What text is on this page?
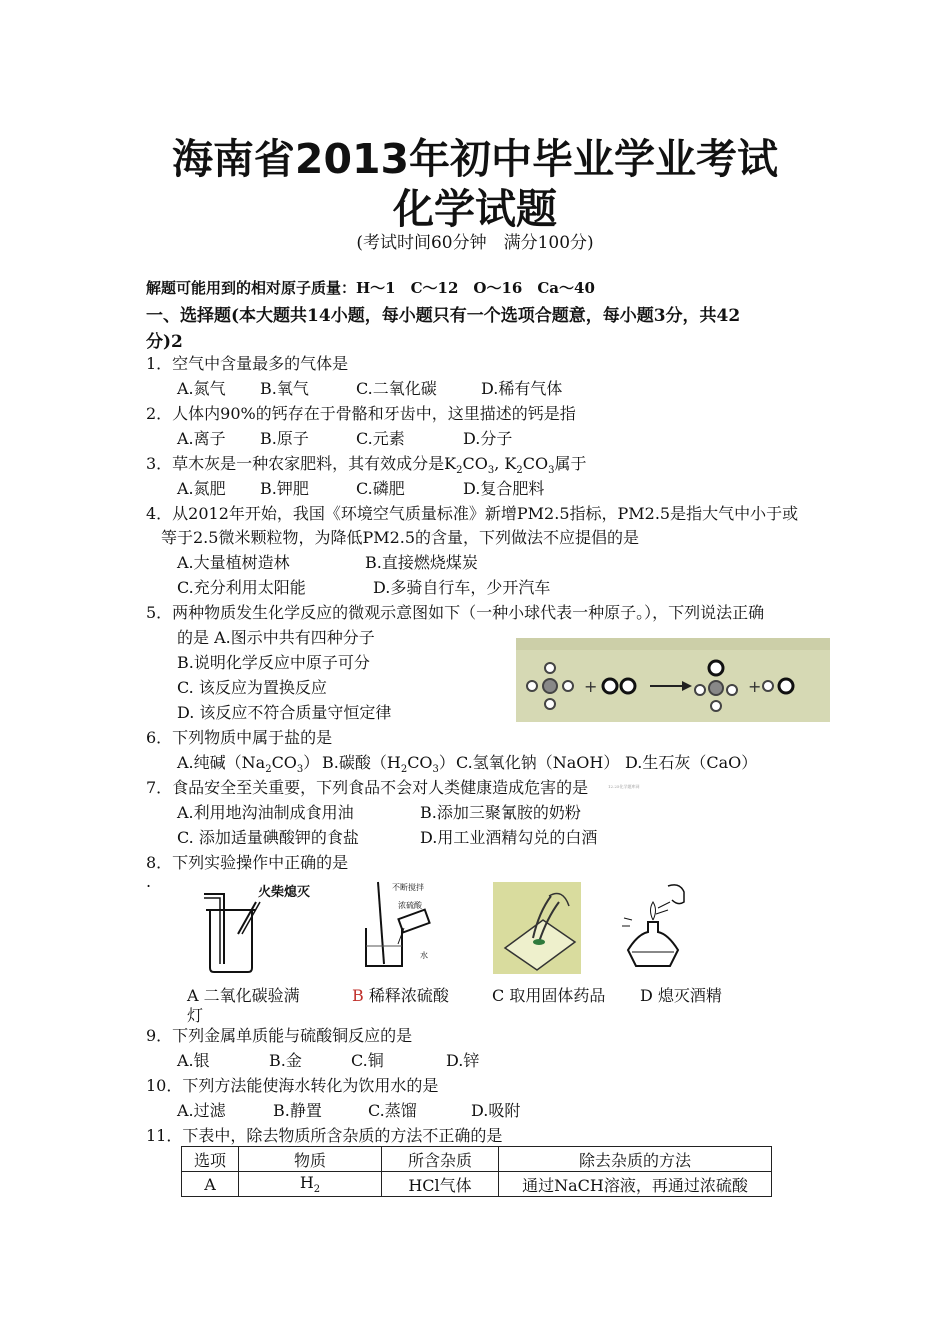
海南省2013年初中毕业学业考试
化学试题
(考试时间60分钟　满分100分)
解题可能用到的相对原子质量：H～1　C～12　O～16　Ca～40
一、选择题(本大题共14小题，每小题只有一个选项合题意，每小题3分，共42
分)2
1．空气中含量最多的气体是
A.氮气 B.氧气	C.二氧化碳	D.稀有气体
2．人体内90%的钙存在于骨骼和牙齿中，这里描述的钙是指
A.离子 B.原子	C.元素	D.分子
3．草木灰是一种农家肥料，其有效成分是$K_2CO_3$, $K_2CO_3$属于
A.氮肥 B.钾肥	C.磷肥	D.复合肥料
4．从2012年开始，我国《环境空气质量标准》新增PM2.5指标，PM2.5是指大气中小于或
等于2.5微米颗粒物，为降低PM2.5的含量，下列做法不应提倡的是
A.大量植树造林	B.直接燃烧煤炭
C.充分利用太阳能	D.多骑自行车，少开汽车
5．两种物质发生化学反应的微观示意图如下（一种小球代表一种原子。），下列说法正确
的是 A.图示中共有四种分子
B.说明化学反应中原子可分
C. 该反应为置换反应
D. 该反应不符合质量守恒定律
+	+
6．下列物质中属于盐的是
A.纯碱$(Na_2CO_3)$ B.碳酸$(H_2CO_3)$ C.氢氧化钠（NaOH） D.生石灰（CaO）
7．食品安全至关重要，下列食品不会对人类健康造成危害的是	12.25化学题库网
A.利用地沟油制成食用油	B.添加三聚氰胺的奶粉
C. 添加适量碘酸钾的食盐	D.用工业酒精勾兑的白酒
8．下列实验操作中正确的是
.
火柴熄灭	不断搅拌
浓硫酸
水
A 二氧化碳验满
灯
B 稀释浓硫酸	C 取用固体药品 D 熄灭酒精
9．下列金属单质能与硫酸铜反应的是
A.银	B.金	C.铜	D.锌
10．下列方法能使海水转化为饮用水的是
A.过滤	B.静置	C.蒸馏	D.吸附
11．下表中，除去物质所含杂质的方法不正确的是
选项	物质	所含杂质	除去杂质的方法
A	$H_2$	HCl气体	通过NaCH溶液，再通过浓硫酸
